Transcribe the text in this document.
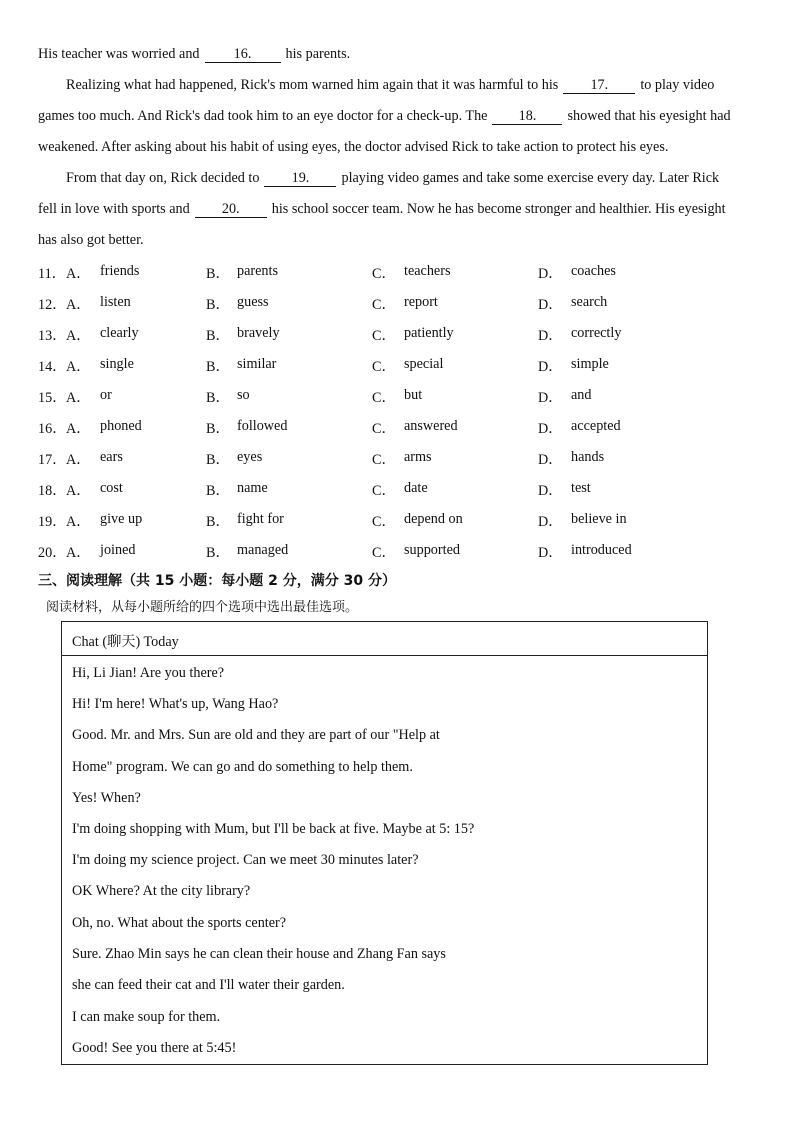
His teacher was worried and 16. his parents.
Realizing what had happened, Rick's mom warned him again that it was harmful to his 17. to play video
games too much. And Rick's dad took him to an eye doctor for a check-up. The 18. showed that his eyesight had
weakened. After asking about his habit of using eyes, the doctor advised Rick to take action to protect his eyes.
From that day on, Rick decided to 19. playing video games and take some exercise every day. Later Rick
fell in love with sports and 20. his school soccer team. Now he has become stronger and healthier. His eyesight
has also got better.
11． A． friends	B． parents	C． teachers	D． coaches
12． A． listen	B． guess	C． report	D． search
13． A． clearly	B． bravely	C． patiently	D． correctly
14． A． single	B． similar	C． special	D． simple
15． A． or	B． so	C． but	D． and
16． A． phoned	B． followed	C． answered	D． accepted
17． A． ears	B． eyes	C． arms	D． hands
18． A． cost	B． name	C． date	D． test
19． A． give up	B． fight for	C． depend on	D． believe in
20． A． joined	B． managed	C． supported	D． introduced
三、阅读理解（共 15 小题：每小题 2 分，满分 30 分）
阅读材料，从每小题所给的四个选项中选出最佳选项。
Chat (聊天) Today
Hi, Li Jian! Are you there?
Hi! I'm here! What's up, Wang Hao?
Good. Mr. and Mrs. Sun are old and they are part of our "Help at
Home" program. We can go and do something to help them.
Yes! When?
I'm doing shopping with Mum, but I'll be back at five. Maybe at 5: 15?
I'm doing my science project. Can we meet 30 minutes later?
OK Where? At the city library?
Oh, no. What about the sports center?
Sure. Zhao Min says he can clean their house and Zhang Fan says
she can feed their cat and I'll water their garden.
I can make soup for them.
Good! See you there at 5:45!
